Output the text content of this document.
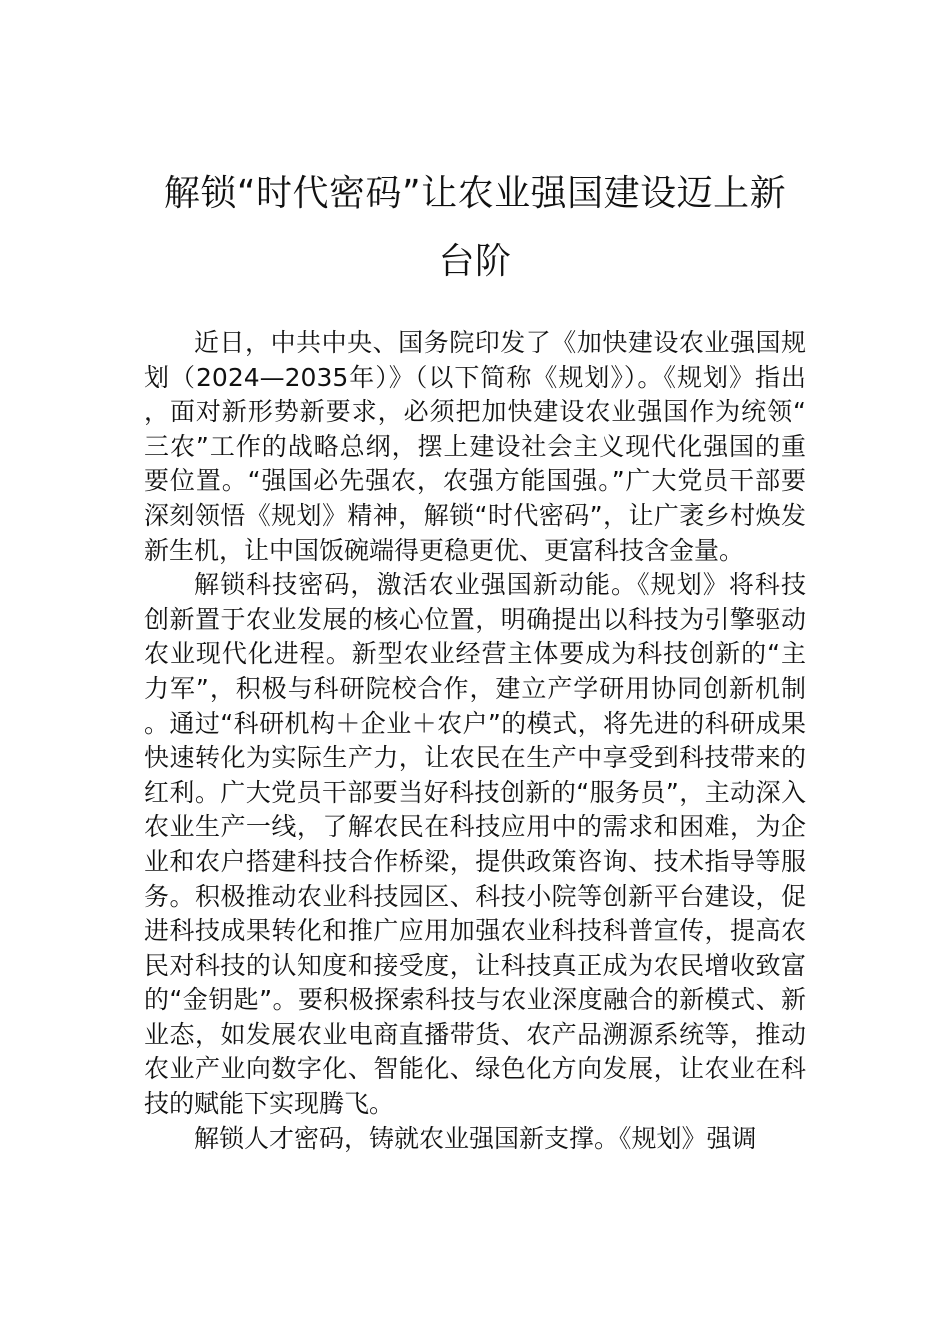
解锁“时代密码”让农业强国建设迈上新台阶

近日，中共中央、国务院印发了《加快建设农业强国规划（2024—2035年）》（以下简称《规划》）。《规划》指出，面对新形势新要求，必须把加快建设农业强国作为统领“三农”工作的战略总纲，摆上建设社会主义现代化强国的重要位置。“强国必先强农，农强方能国强。”广大党员干部要深刻领悟《规划》精神，解锁“时代密码”，让广袤乡村焕发新生机，让中国饭碗端得更稳更优、更富科技含金量。

解锁科技密码，激活农业强国新动能。《规划》将科技创新置于农业发展的核心位置，明确提出以科技为引擎驱动农业现代化进程。新型农业经营主体要成为科技创新的“主力军”，积极与科研院校合作，建立产学研用协同创新机制。通过“科研机构＋企业＋农户”的模式，将先进的科研成果快速转化为实际生产力，让农民在生产中享受到科技带来的红利。广大党员干部要当好科技创新的“服务员”，主动深入农业生产一线，了解农民在科技应用中的需求和困难，为企业和农户搭建科技合作桥梁，提供政策咨询、技术指导等服务。积极推动农业科技园区、科技小院等创新平台建设，促进科技成果转化和推广应用加强农业科技科普宣传，提高农民对科技的认知度和接受度，让科技真正成为农民增收致富的“金钥匙”。要积极探索科技与农业深度融合的新模式、新业态，如发展农业电商直播带货、农产品溯源系统等，推动农业产业向数字化、智能化、绿色化方向发展，让农业在科技的赋能下实现腾飞。

解锁人才密码，铸就农业强国新支撑。《规划》强调
